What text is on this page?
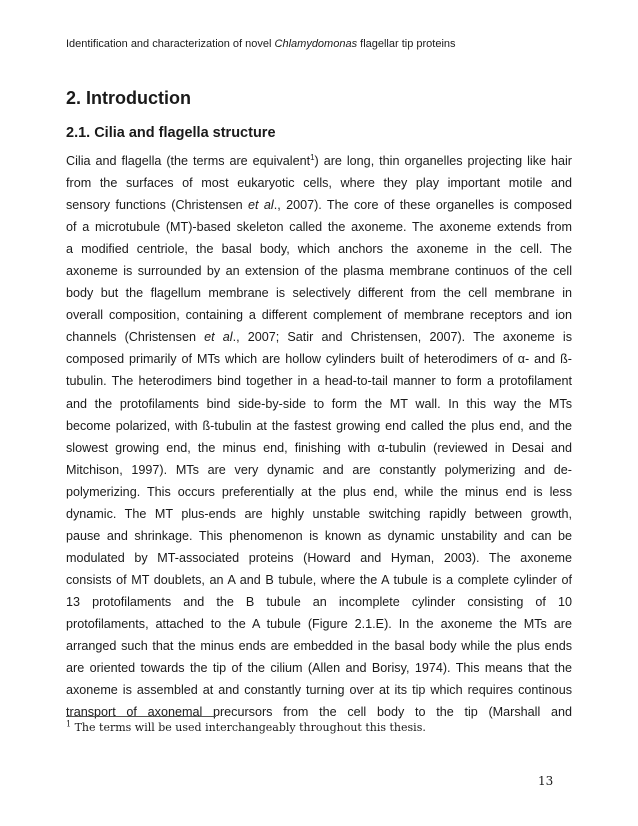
Identification and characterization of novel Chlamydomonas flagellar tip proteins
2. Introduction
2.1. Cilia and flagella structure
Cilia and flagella (the terms are equivalent$^1$) are long, thin organelles projecting like hair
from the surfaces of most eukaryotic cells, where they play important motile and
sensory functions (Christensen et al., 2007). The core of these organelles is composed
of a microtubule (MT)-based skeleton called the axoneme. The axoneme extends from
a modified centriole, the basal body, which anchors the axoneme in the cell. The
axoneme is surrounded by an extension of the plasma membrane continuos of the cell
body but the flagellum membrane is selectively different from the cell membrane in
overall composition, containing a different complement of membrane receptors and ion
channels (Christensen et al., 2007; Satir and Christensen, 2007). The axoneme is
composed primarily of MTs which are hollow cylinders built of heterodimers of α- and ß-
tubulin. The heterodimers bind together in a head-to-tail manner to form a protofilament
and the protofilaments bind side-by-side to form the MT wall. In this way the MTs
become polarized, with ß-tubulin at the fastest growing end called the plus end, and the
slowest growing end, the minus end, finishing with α-tubulin (reviewed in Desai and
Mitchison, 1997). MTs are very dynamic and are constantly polymerizing and de-
polymerizing. This occurs preferentially at the plus end, while the minus end is less
dynamic. The MT plus-ends are highly unstable switching rapidly between growth,
pause and shrinkage. This phenomenon is known as dynamic unstability and can be
modulated by MT-associated proteins (Howard and Hyman, 2003). The axoneme
consists of MT doublets, an A and B tubule, where the A tubule is a complete cylinder of
13 protofilaments and the B tubule an incomplete cylinder consisting of 10
protofilaments, attached to the A tubule (Figure 2.1.E). In the axoneme the MTs are
arranged such that the minus ends are embedded in the basal body while the plus ends
are oriented towards the tip of the cilium (Allen and Borisy, 1974). This means that the
axoneme is assembled at and constantly turning over at its tip which requires continous
transport of axonemal precursors from the cell body to the tip (Marshall and
$^1$ The terms will be used interchangeably throughout this thesis.
13
